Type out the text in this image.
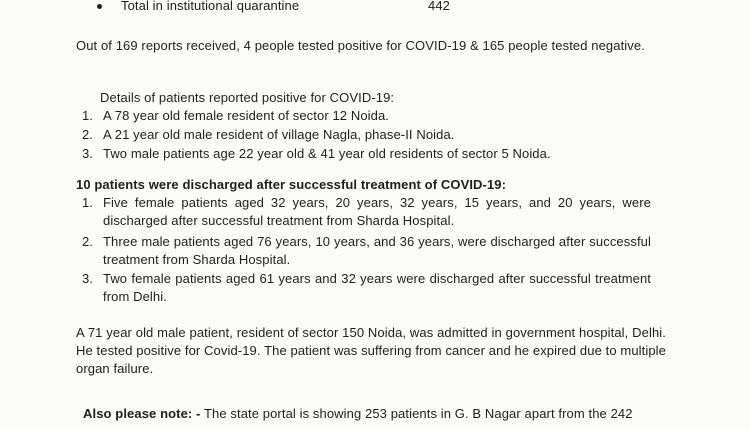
Total in institutional quarantine	442
Out of 169 reports received, 4 people tested positive for COVID-19 & 165 people tested negative.
Details of patients reported positive for COVID-19:
1. A 78 year old female resident of sector 12 Noida.
2. A 21 year old male resident of village Nagla, phase-II Noida.
3. Two male patients age 22 year old & 41 year old residents of sector 5 Noida.
10 patients were discharged after successful treatment of COVID-19:
1. Five female patients aged 32 years, 20 years, 32 years, 15 years, and 20 years, were discharged after successful treatment from Sharda Hospital.
2. Three male patients aged 76 years, 10 years, and 36 years, were discharged after successful treatment from Sharda Hospital.
3. Two female patients aged 61 years and 32 years were discharged after successful treatment from Delhi.
A 71 year old male patient, resident of sector 150 Noida, was admitted in government hospital, Delhi. He tested positive for Covid-19. The patient was suffering from cancer and he expired due to multiple organ failure.
Also please note: - The state portal is showing 253 patients in G. B Nagar apart from the 242
